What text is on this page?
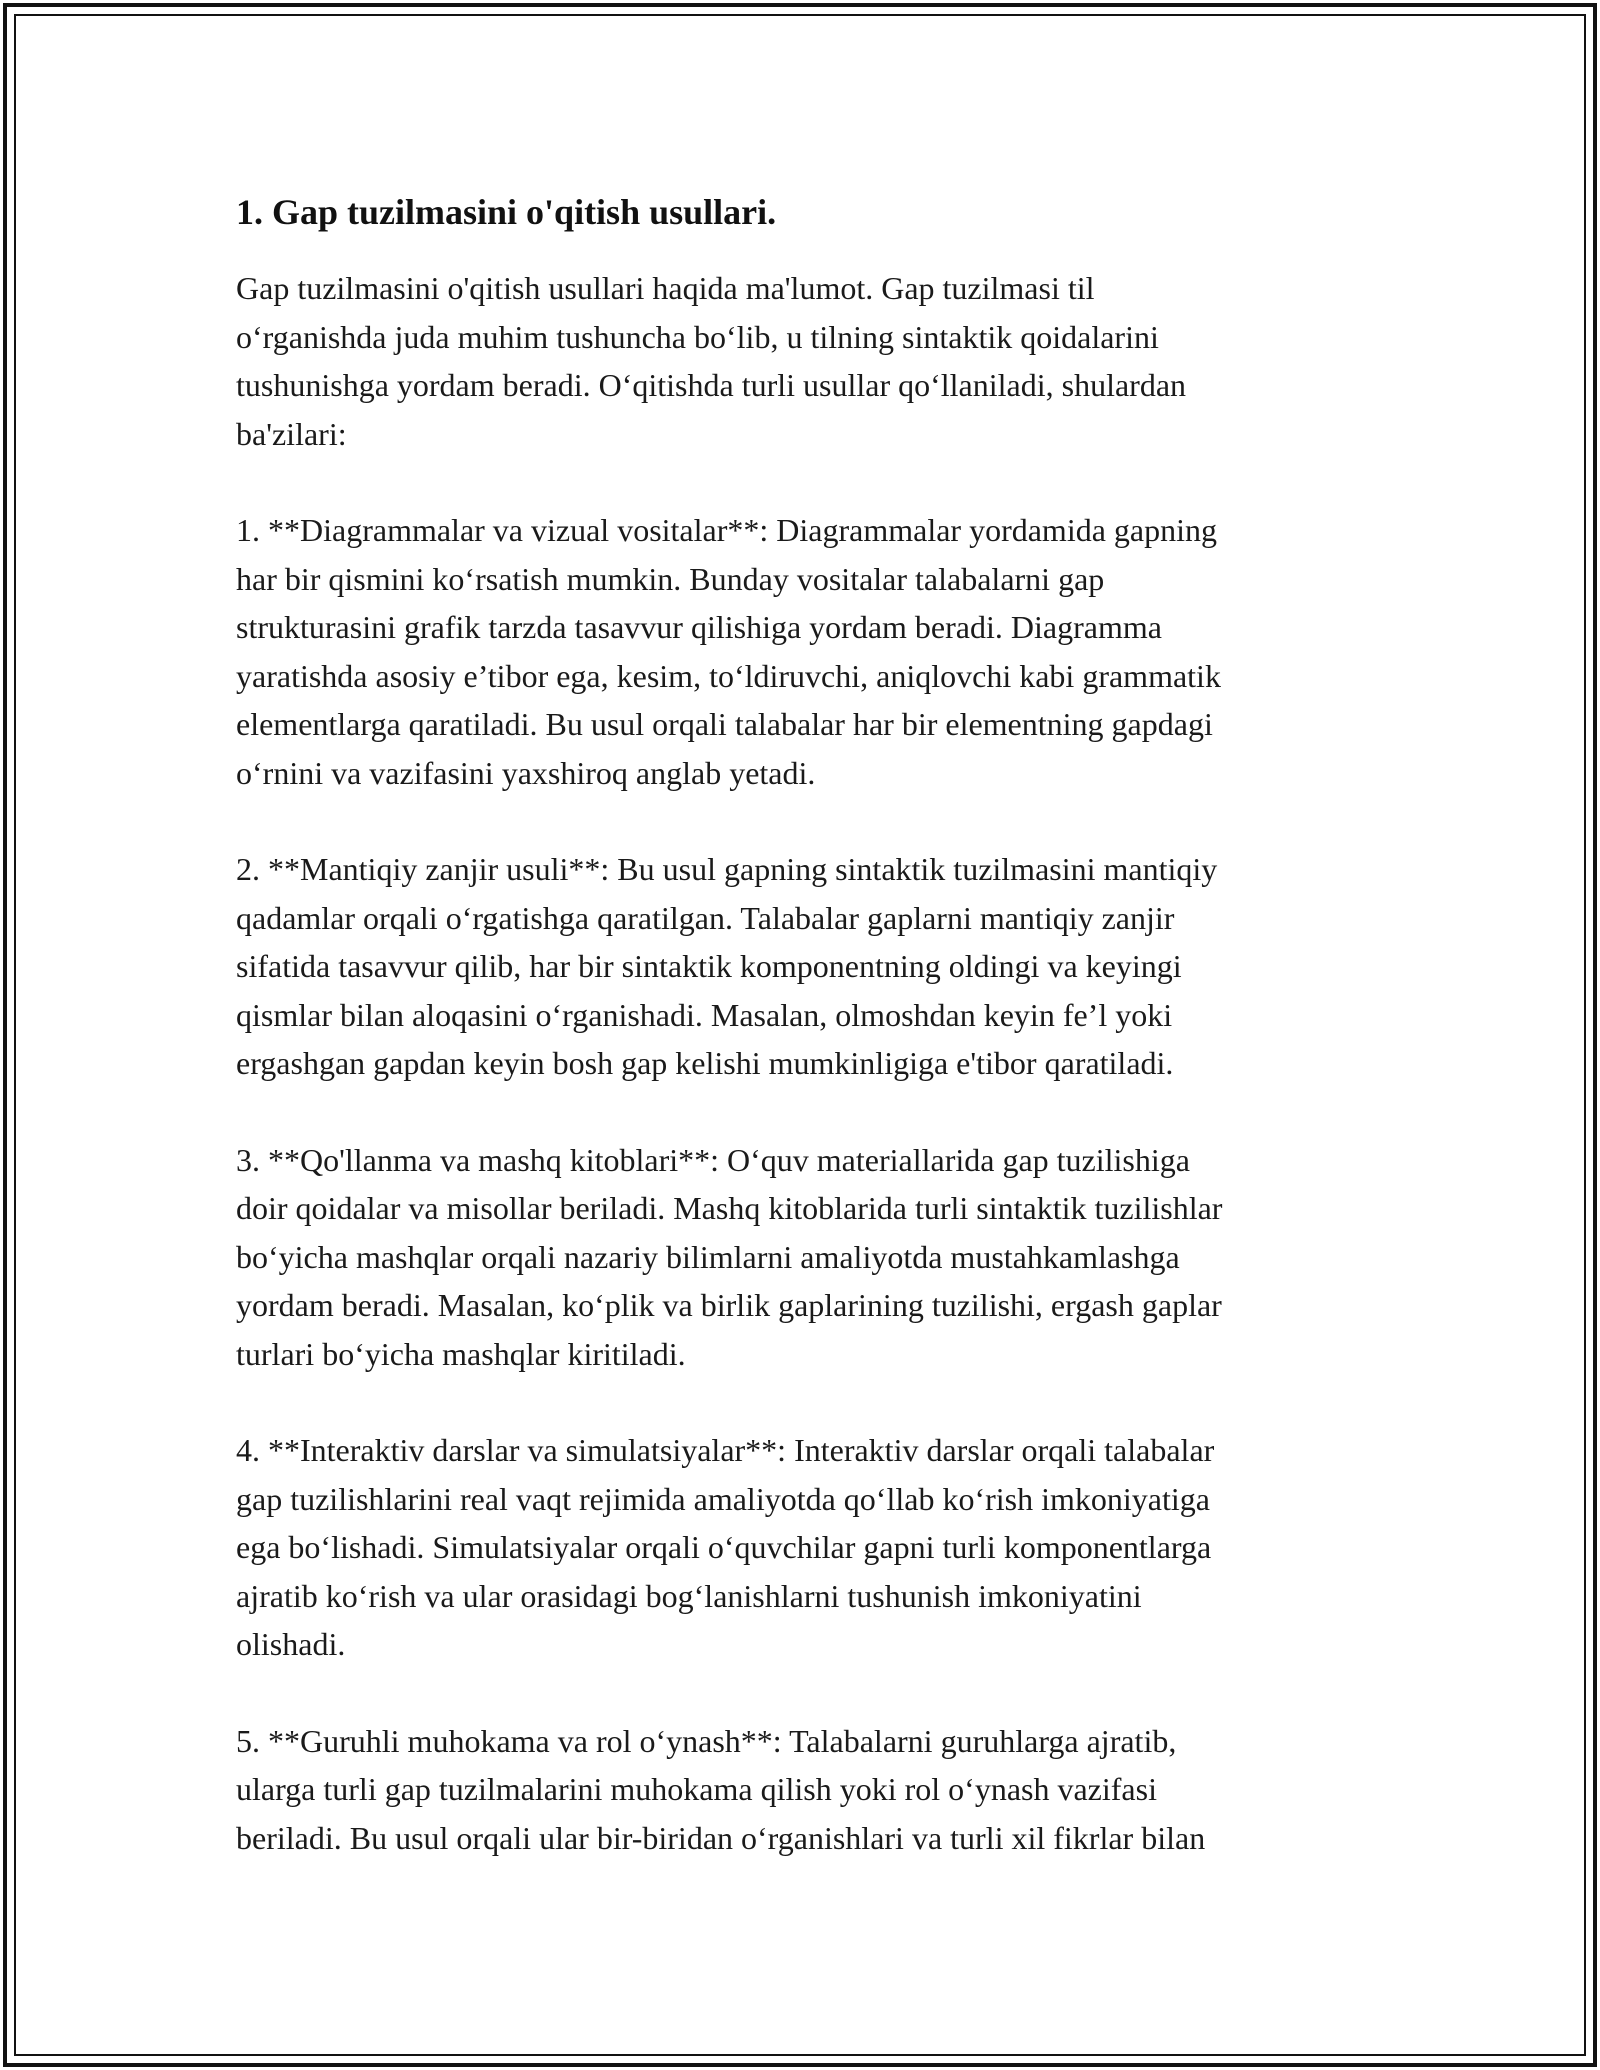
1. Gap tuzilmasini o'qitish usullari.

Gap tuzilmasini o'qitish usullari haqida ma'lumot. Gap tuzilmasi til
o‘rganishda juda muhim tushuncha bo‘lib, u tilning sintaktik qoidalarini
tushunishga yordam beradi. O‘qitishda turli usullar qo‘llaniladi, shulardan
ba'zilari:

1. **Diagrammalar va vizual vositalar**: Diagrammalar yordamida gapning
har bir qismini ko‘rsatish mumkin. Bunday vositalar talabalarni gap
strukturasini grafik tarzda tasavvur qilishiga yordam beradi. Diagramma
yaratishda asosiy e’tibor ega, kesim, to‘ldiruvchi, aniqlovchi kabi grammatik
elementlarga qaratiladi. Bu usul orqali talabalar har bir elementning gapdagi
o‘rnini va vazifasini yaxshiroq anglab yetadi.

2. **Mantiqiy zanjir usuli**: Bu usul gapning sintaktik tuzilmasini mantiqiy
qadamlar orqali o‘rgatishga qaratilgan. Talabalar gaplarni mantiqiy zanjir
sifatida tasavvur qilib, har bir sintaktik komponentning oldingi va keyingi
qismlar bilan aloqasini o‘rganishadi. Masalan, olmoshdan keyin fe’l yoki
ergashgan gapdan keyin bosh gap kelishi mumkinligiga e'tibor qaratiladi.

3. **Qo'llanma va mashq kitoblari**: O‘quv materiallarida gap tuzilishiga
doir qoidalar va misollar beriladi. Mashq kitoblarida turli sintaktik tuzilishlar
bo‘yicha mashqlar orqali nazariy bilimlarni amaliyotda mustahkamlashga
yordam beradi. Masalan, ko‘plik va birlik gaplarining tuzilishi, ergash gaplar
turlari bo‘yicha mashqlar kiritiladi.

4. **Interaktiv darslar va simulatsiyalar**: Interaktiv darslar orqali talabalar
gap tuzilishlarini real vaqt rejimida amaliyotda qo‘llab ko‘rish imkoniyatiga
ega bo‘lishadi. Simulatsiyalar orqali o‘quvchilar gapni turli komponentlarga
ajratib ko‘rish va ular orasidagi bog‘lanishlarni tushunish imkoniyatini
olishadi.

5. **Guruhli muhokama va rol o‘ynash**: Talabalarni guruhlarga ajratib,
ularga turli gap tuzilmalarini muhokama qilish yoki rol o‘ynash vazifasi
beriladi. Bu usul orqali ular bir-biridan o‘rganishlari va turli xil fikrlar bilan
